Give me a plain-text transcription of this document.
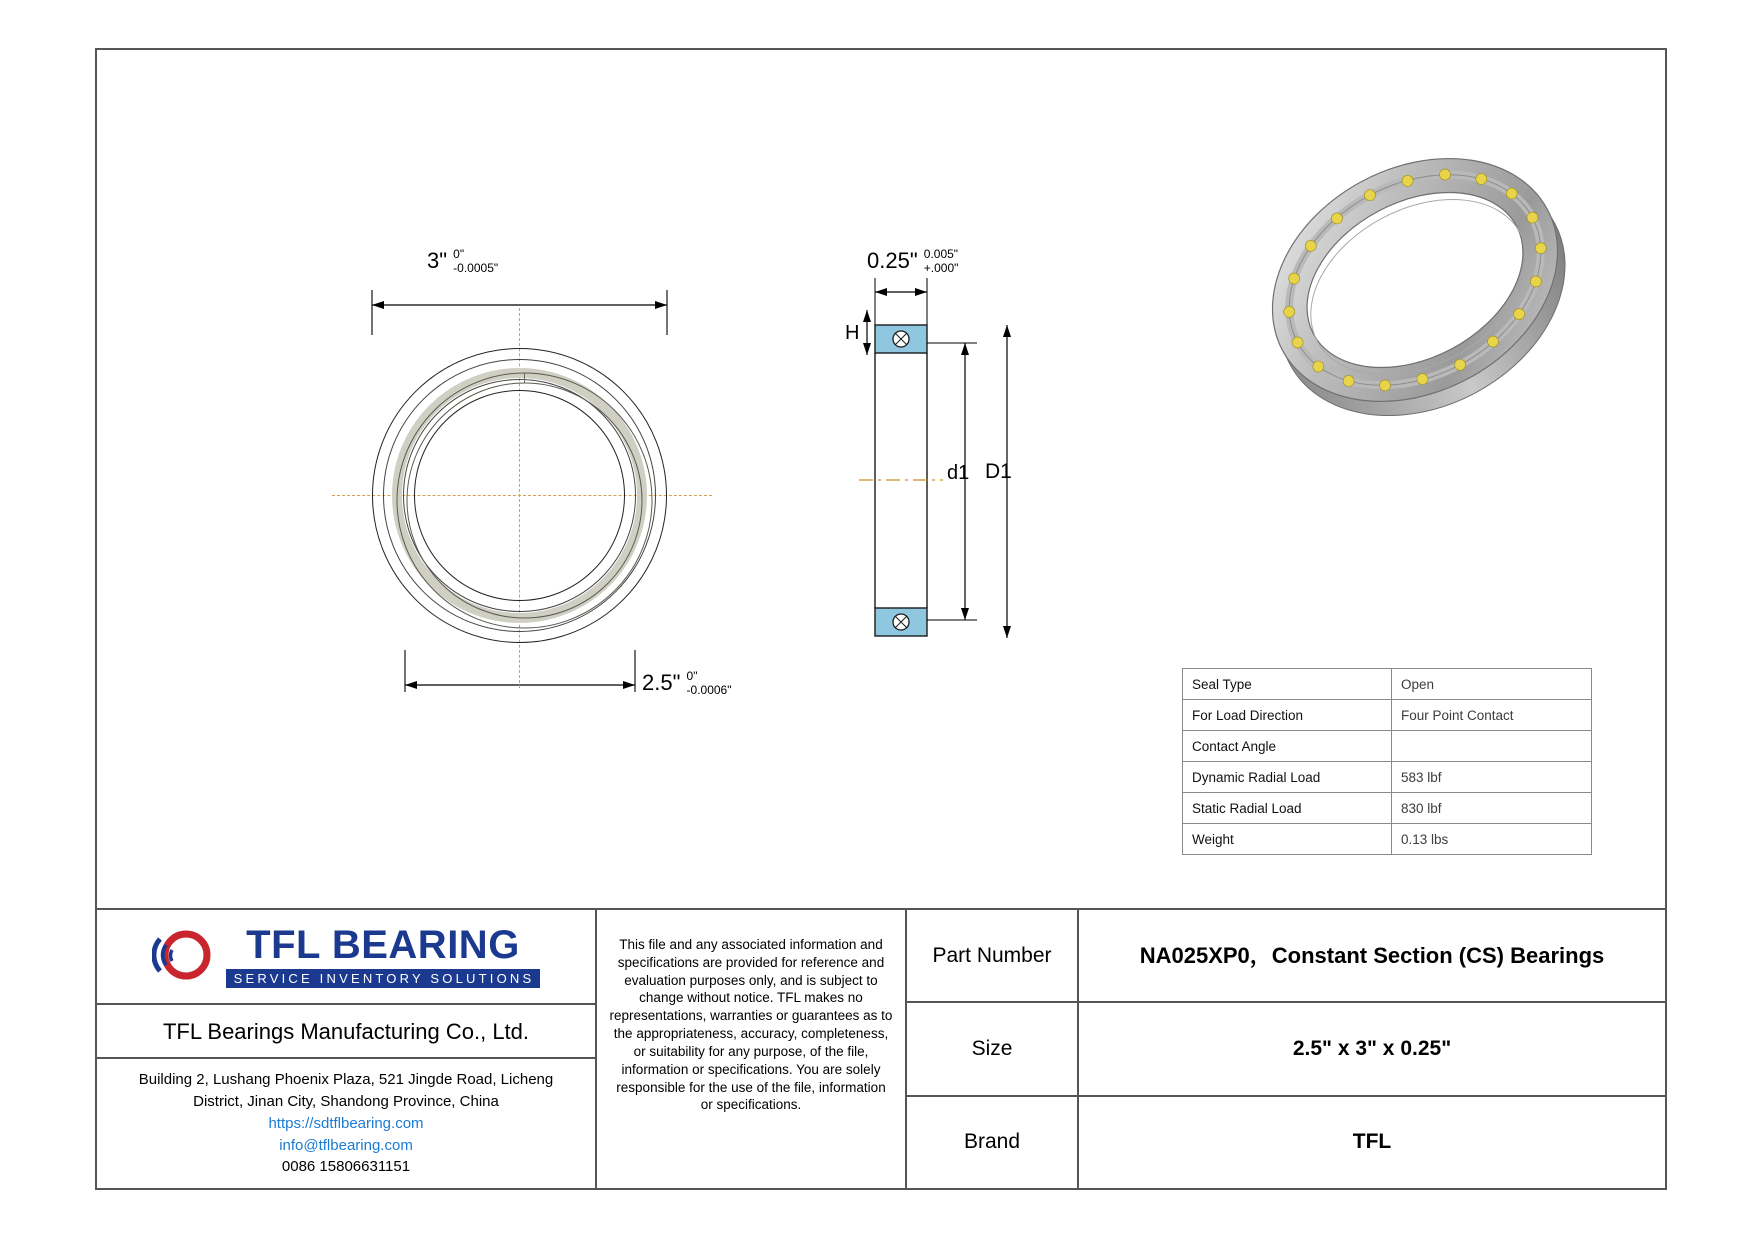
3" 0"
-0.0005"
2.5" 0"
-0.0006"
0.25" 0.005"
+.000"
H
d1 D1
Seal Type	Open
For Load Direction	Four Point Contact
Contact Angle	
Dynamic Radial Load	583 lbf
Static Radial Load	830 lbf
Weight	0.13 lbs
TFL BEARING
SERVICE INVENTORY SOLUTIONS
TFL Bearings Manufacturing Co., Ltd.
Building 2, Lushang Phoenix Plaza, 521 Jingde Road, Licheng
District, Jinan City, Shandong Province, China
https://sdtflbearing.com
info@tflbearing.com
0086 15806631151
This file and any associated information and specifications are provided for reference and evaluation purposes only, and is subject to change without notice. TFL makes no representations, warranties or guarantees as to the appropriateness, accuracy, completeness, or suitability for any purpose, of the file, information or specifications. You are solely responsible for the use of the file, information or specifications.
Part Number	NA025XP0，Constant Section (CS) Bearings
Size	2.5" x 3" x 0.25"
Brand	TFL
